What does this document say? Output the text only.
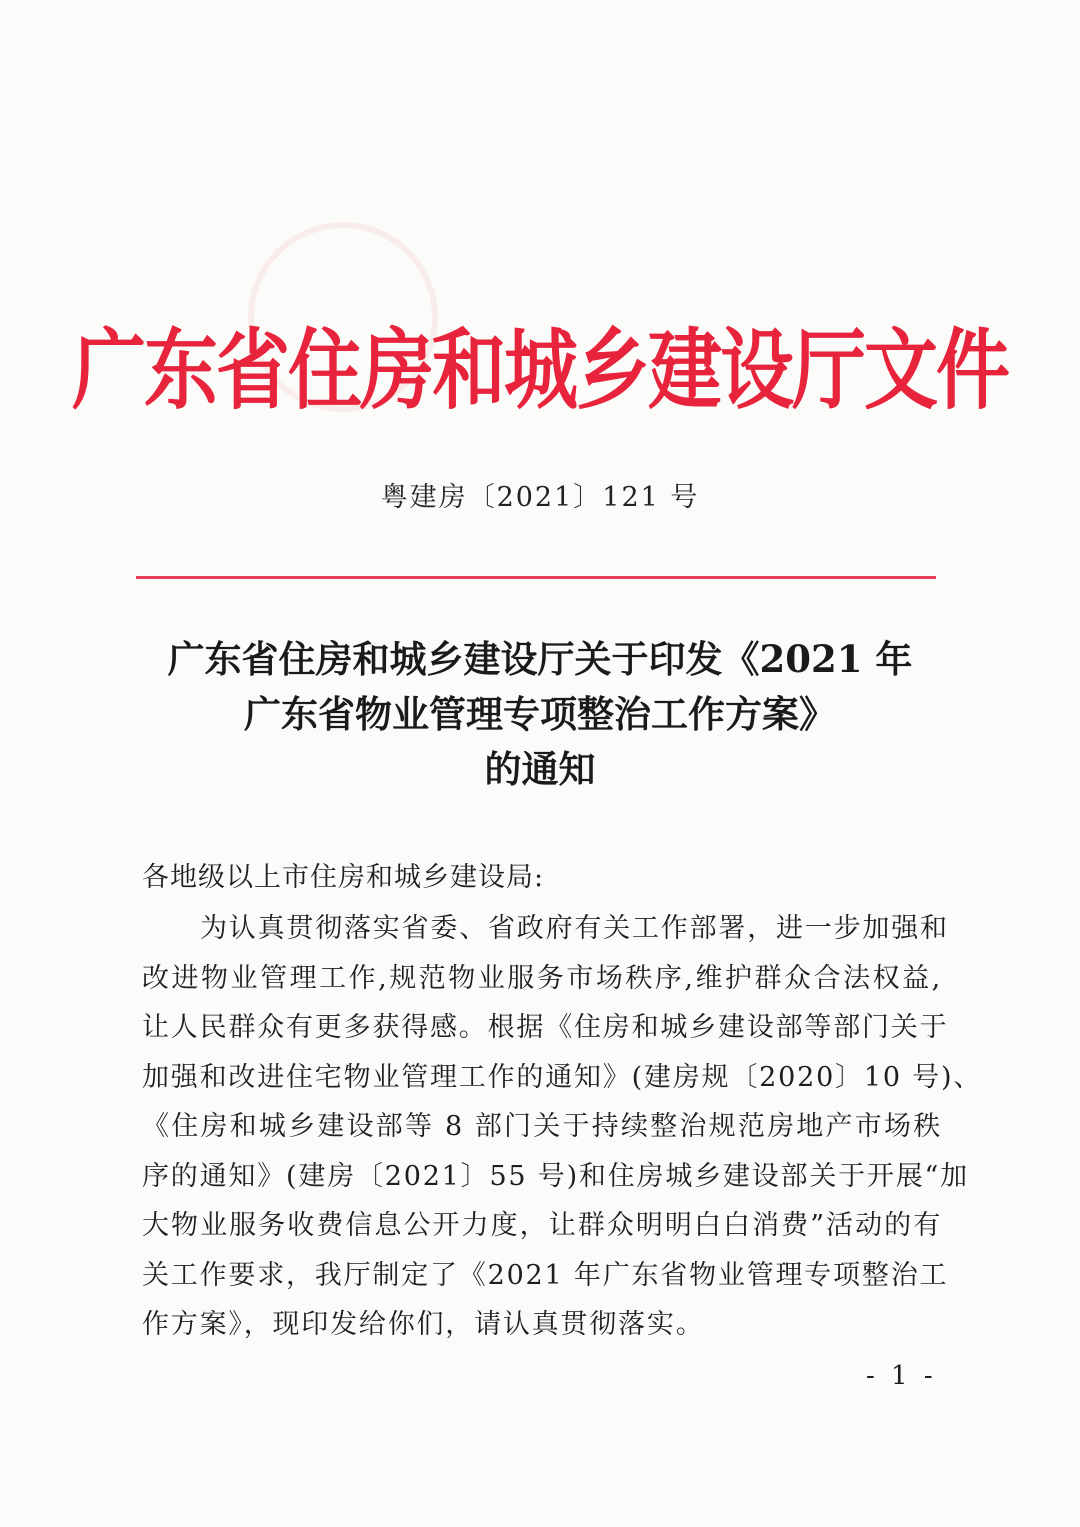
广东省住房和城乡建设厅文件
粤建房〔2021〕121 号
广东省住房和城乡建设厅关于印发《2021 年
广东省物业管理专项整治工作方案》
的通知
各地级以上市住房和城乡建设局:
为认真贯彻落实省委、省政府有关工作部署，进一步加强和
改进物业管理工作,规范物业服务市场秩序,维护群众合法权益,
让人民群众有更多获得感。根据《住房和城乡建设部等部门关于
加强和改进住宅物业管理工作的通知》(建房规〔2020〕10 号)、
《住房和城乡建设部等 8 部门关于持续整治规范房地产市场秩
序的通知》(建房〔2021〕55 号)和住房城乡建设部关于开展“加
大物业服务收费信息公开力度，让群众明明白白消费”活动的有
关工作要求，我厅制定了《2021 年广东省物业管理专项整治工
作方案》，现印发给你们，请认真贯彻落实。
- 1 -
